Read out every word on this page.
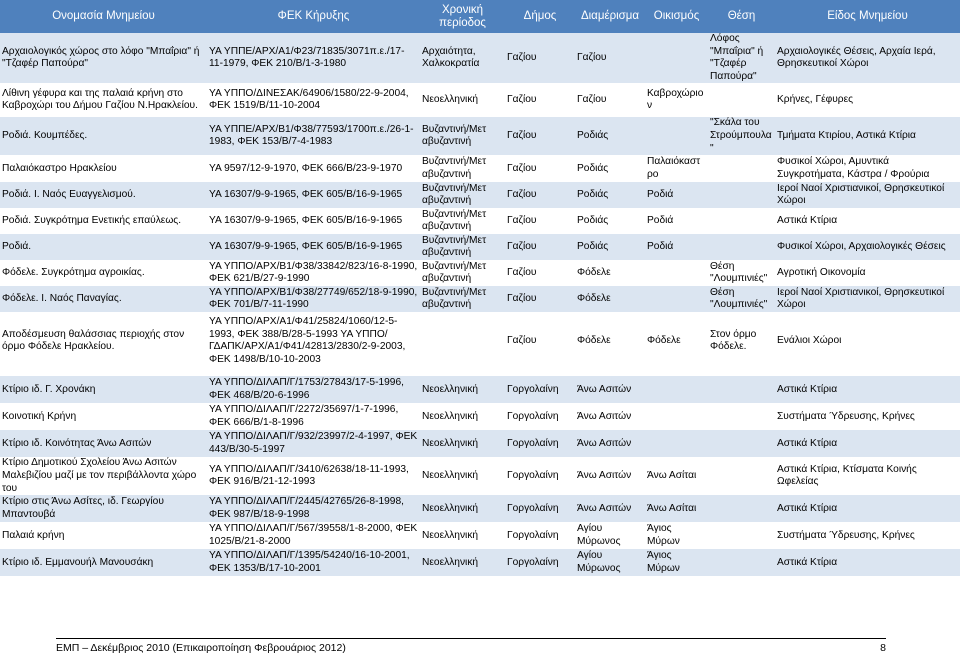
Ονομασία Μνημείου	ΦΕΚ Κήρυξης	Χρονική περίοδος	Δήμος	Διαμέρισμα	Οικισμός	Θέση	Είδος Μνημείου
Αρχαιολογικός χώρος στο λόφο "Μπαΐρια" ή "Τζαφέρ Παπούρα"	ΥΑ ΥΠΠΕ/ΑΡΧ/Α1/Φ23/71835/3071π.ε./17-11-1979, ΦΕΚ 210/Β/1-3-1980	Αρχαιότητα, Χαλκοκρατία	Γαζίου	Γαζίου		Λόφος "Μπαΐρια" ή "Τζαφέρ Παπούρα"	Αρχαιολογικές Θέσεις, Αρχαία Ιερά, Θρησκευτικοί Χώροι
Λίθινη γέφυρα και της παλαιά κρήνη στο Καβροχώρι του Δήμου Γαζίου Ν.Ηρακλείου.	ΥΑ ΥΠΠΟ/ΔΙΝΕΣΑΚ/64906/1580/22-9-2004, ΦΕΚ 1519/Β/11-10-2004	Νεοελληνική	Γαζίου	Γαζίου	Καβροχώριο ν		Κρήνες, Γέφυρες
Ροδιά. Κουμπέδες.	ΥΑ ΥΠΠΕ/ΑΡΧ/Β1/Φ38/77593/1700π.ε./26-1-1983, ΦΕΚ 153/Β/7-4-1983	Βυζαντινή/Μετ αβυζαντινή	Γαζίου	Ροδιάς		"Σκάλα του Στρούμπουλα "	Τμήματα Κτιρίου, Αστικά Κτίρια
Παλαιόκαστρο Ηρακλείου	ΥΑ 9597/12-9-1970, ΦΕΚ 666/Β/23-9-1970	Βυζαντινή/Μετ αβυζαντινή	Γαζίου	Ροδιάς	Παλαιόκαστ ρο		Φυσικοί Χώροι, Αμυντικά Συγκροτήματα, Κάστρα / Φρούρια
Ροδιά. Ι. Ναός Ευαγγελισμού.	ΥΑ 16307/9-9-1965, ΦΕΚ 605/Β/16-9-1965	Βυζαντινή/Μετ αβυζαντινή	Γαζίου	Ροδιάς	Ροδιά		Ιεροί Ναοί Χριστιανικοί, Θρησκευτικοί Χώροι
Ροδιά. Συγκρότημα Ενετικής επαύλεως.	ΥΑ 16307/9-9-1965, ΦΕΚ 605/Β/16-9-1965	Βυζαντινή/Μετ αβυζαντινή	Γαζίου	Ροδιάς	Ροδιά		Αστικά Κτίρια
Ροδιά.	ΥΑ 16307/9-9-1965, ΦΕΚ 605/Β/16-9-1965	Βυζαντινή/Μετ αβυζαντινή	Γαζίου	Ροδιάς	Ροδιά		Φυσικοί Χώροι, Αρχαιολογικές Θέσεις
Φόδελε. Συγκρότημα αγροικίας.	ΥΑ ΥΠΠΟ/ΑΡΧ/Β1/Φ38/33842/823/16-8-1990, ΦΕΚ 621/Β/27-9-1990	Βυζαντινή/Μετ αβυζαντινή	Γαζίου	Φόδελε		Θέση "Λουμπινιές"	Αγροτική Οικονομία
Φόδελε. Ι. Ναός Παναγίας.	ΥΑ ΥΠΠΟ/ΑΡΧ/Β1/Φ38/27749/652/18-9-1990, ΦΕΚ 701/Β/7-11-1990	Βυζαντινή/Μετ αβυζαντινή	Γαζίου	Φόδελε		Θέση "Λουμπινιές"	Ιεροί Ναοί Χριστιανικοί, Θρησκευτικοί Χώροι
Αποδέσμευση θαλάσσιας περιοχής στον όρμο Φόδελε Ηρακλείου.	ΥΑ ΥΠΠΟ/ΑΡΧ/Α1/Φ41/25824/1060/12-5-1993, ΦΕΚ 388/Β/28-5-1993 ΥΑ ΥΠΠΟ/ΓΔΑΠΚ/ΑΡΧ/Α1/Φ41/42813/2830/2-9-2003, ΦΕΚ 1498/Β/10-10-2003		Γαζίου	Φόδελε	Φόδελε	Στον όρμο Φόδελε.	Ενάλιοι Χώροι

Κτίριο ιδ. Γ. Χρονάκη	ΥΑ ΥΠΠΟ/ΔΙΛΑΠ/Γ/1753/27843/17-5-1996, ΦΕΚ 468/Β/20-6-1996	Νεοελληνική	Γοργολαίνη	Άνω Ασιτών			Αστικά Κτίρια
Κοινοτική Κρήνη	ΥΑ ΥΠΠΟ/ΔΙΛΑΠ/Γ/2272/35697/1-7-1996, ΦΕΚ 666/Β/1-8-1996	Νεοελληνική	Γοργολαίνη	Άνω Ασιτών			Συστήματα Ύδρευσης, Κρήνες
Κτίριο ιδ. Κοινότητας Άνω Ασιτών	ΥΑ ΥΠΠΟ/ΔΙΛΑΠ/Γ/932/23997/2-4-1997, ΦΕΚ 443/Β/30-5-1997	Νεοελληνική	Γοργολαίνη	Άνω Ασιτών			Αστικά Κτίρια
Κτίριο Δημοτικού Σχολείου Άνω Ασιτών Μαλεβιζίου μαζί με τον περιβάλλοντα χώρο του	ΥΑ ΥΠΠΟ/ΔΙΛΑΠ/Γ/3410/62638/18-11-1993, ΦΕΚ 916/Β/21-12-1993	Νεοελληνική	Γοργολαίνη	Άνω Ασιτών	Άνω Ασίται		Αστικά Κτίρια, Κτίσματα Κοινής Ωφελείας
Κτίριο στις Άνω Ασίτες, ιδ. Γεωργίου Μπαντουβά	ΥΑ ΥΠΠΟ/ΔΙΛΑΠ/Γ/2445/42765/26-8-1998, ΦΕΚ 987/Β/18-9-1998	Νεοελληνική	Γοργολαίνη	Άνω Ασιτών	Άνω Ασίται		Αστικά Κτίρια
Παλαιά κρήνη	ΥΑ ΥΠΠΟ/ΔΙΛΑΠ/Γ/567/39558/1-8-2000, ΦΕΚ 1025/Β/21-8-2000	Νεοελληνική	Γοργολαίνη	Αγίου Μύρωνος	Άγιος Μύρων		Συστήματα Ύδρευσης, Κρήνες
Κτίριο ιδ. Εμμανουήλ Μανουσάκη	ΥΑ ΥΠΠΟ/ΔΙΛΑΠ/Γ/1395/54240/16-10-2001, ΦΕΚ 1353/Β/17-10-2001	Νεοελληνική	Γοργολαίνη	Αγίου Μύρωνος	Άγιος Μύρων		Αστικά Κτίρια
ΕΜΠ – Δεκέμβριος 2010 (Επικαιροποίηση Φεβρουάριος 2012)	8
